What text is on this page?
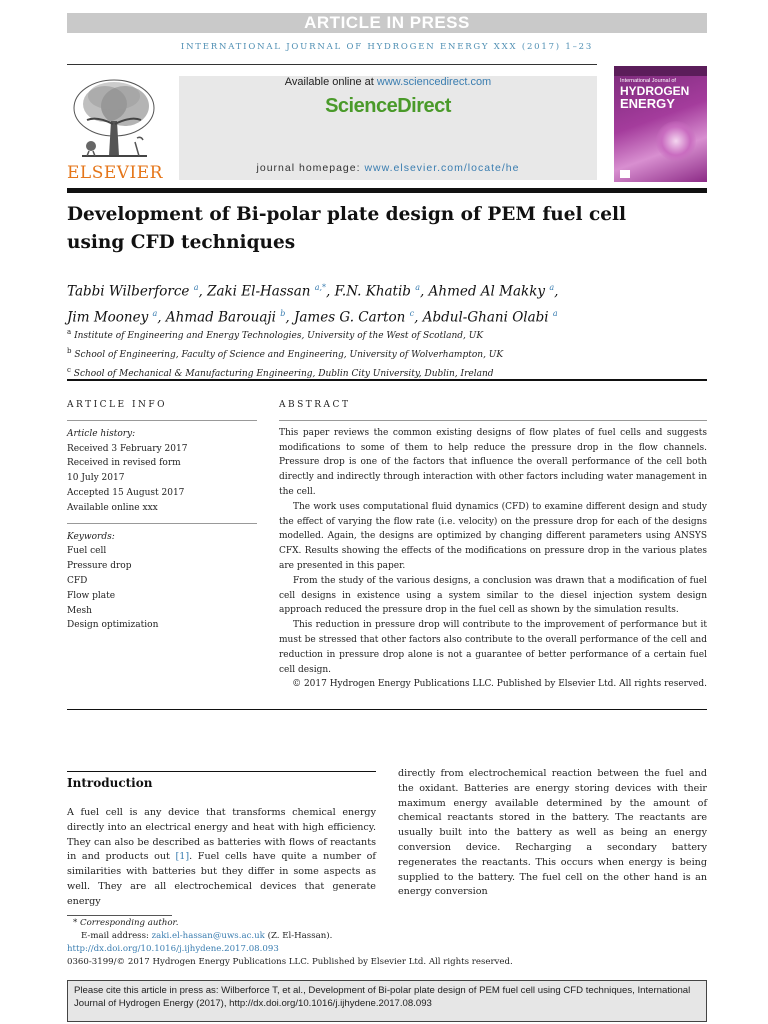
ARTICLE IN PRESS
INTERNATIONAL JOURNAL OF HYDROGEN ENERGY XXX (2017) 1–23
ELSEVIER
Available online at www.sciencedirect.com
ScienceDirect
journal homepage: www.elsevier.com/locate/he
International Journal of
HYDROGEN
ENERGY
Development of Bi-polar plate design of PEM fuel cell using CFD techniques
Tabbi Wilberforce $^a$, Zaki El-Hassan $^{a,*}$, F.N. Khatib $^a$, Ahmed Al Makky $^a$,
Jim Mooney $^a$, Ahmad Barouaji $^b$, James G. Carton $^c$, Abdul-Ghani Olabi $^a$
$^a$ Institute of Engineering and Energy Technologies, University of the West of Scotland, UK
$^b$ School of Engineering, Faculty of Science and Engineering, University of Wolverhampton, UK
$^c$ School of Mechanical & Manufacturing Engineering, Dublin City University, Dublin, Ireland
ARTICLE INFO
Article history:
Received 3 February 2017
Received in revised form
10 July 2017
Accepted 15 August 2017
Available online xxx
Keywords:
Fuel cell
Pressure drop
CFD
Flow plate
Mesh
Design optimization
ABSTRACT

This paper reviews the common existing designs of flow plates of fuel cells and suggests modifications to some of them to help reduce the pressure drop in the flow channels. Pressure drop is one of the factors that influence the overall performance of the cell both directly and indirectly through interaction with other factors including water management in the cell.

The work uses computational fluid dynamics (CFD) to examine different design and study the effect of varying the flow rate (i.e. velocity) on the pressure drop for each of the designs modelled. Again, the designs are optimized by changing different parameters using ANSYS CFX. Results showing the effects of the modifications on pressure drop in the various plates are presented in this paper.

From the study of the various designs, a conclusion was drawn that a modification of fuel cell designs in existence using a system similar to the diesel injection system design approach reduced the pressure drop in the fuel cell as shown by the simulation results.

This reduction in pressure drop will contribute to the improvement of performance but it must be stressed that other factors also contribute to the overall performance of the cell and reduction in pressure drop alone is not a guarantee of better performance of a certain fuel cell design.

© 2017 Hydrogen Energy Publications LLC. Published by Elsevier Ltd. All rights reserved.

Introduction

A fuel cell is any device that transforms chemical energy directly into an electrical energy and heat with high efficiency. They can also be described as batteries with flows of reactants in and products out [1]. Fuel cells have quite a number of similarities with batteries but they differ in some aspects as well. They are all electrochemical devices that generate energy

directly from electrochemical reaction between the fuel and the oxidant. Batteries are energy storing devices with their maximum energy available determined by the amount of chemical reactants stored in the battery. The reactants are usually built into the battery as well as being an energy conversion device. Recharging a secondary battery regenerates the reactants. This occurs when energy is being supplied to the battery. The fuel cell on the other hand is an energy conversion

* Corresponding author.
E-mail address: zaki.el-hassan@uws.ac.uk (Z. El-Hassan).
http://dx.doi.org/10.1016/j.ijhydene.2017.08.093
0360-3199/© 2017 Hydrogen Energy Publications LLC. Published by Elsevier Ltd. All rights reserved.
Please cite this article in press as: Wilberforce T, et al., Development of Bi-polar plate design of PEM fuel cell using CFD techniques, International Journal of Hydrogen Energy (2017), http://dx.doi.org/10.1016/j.ijhydene.2017.08.093
